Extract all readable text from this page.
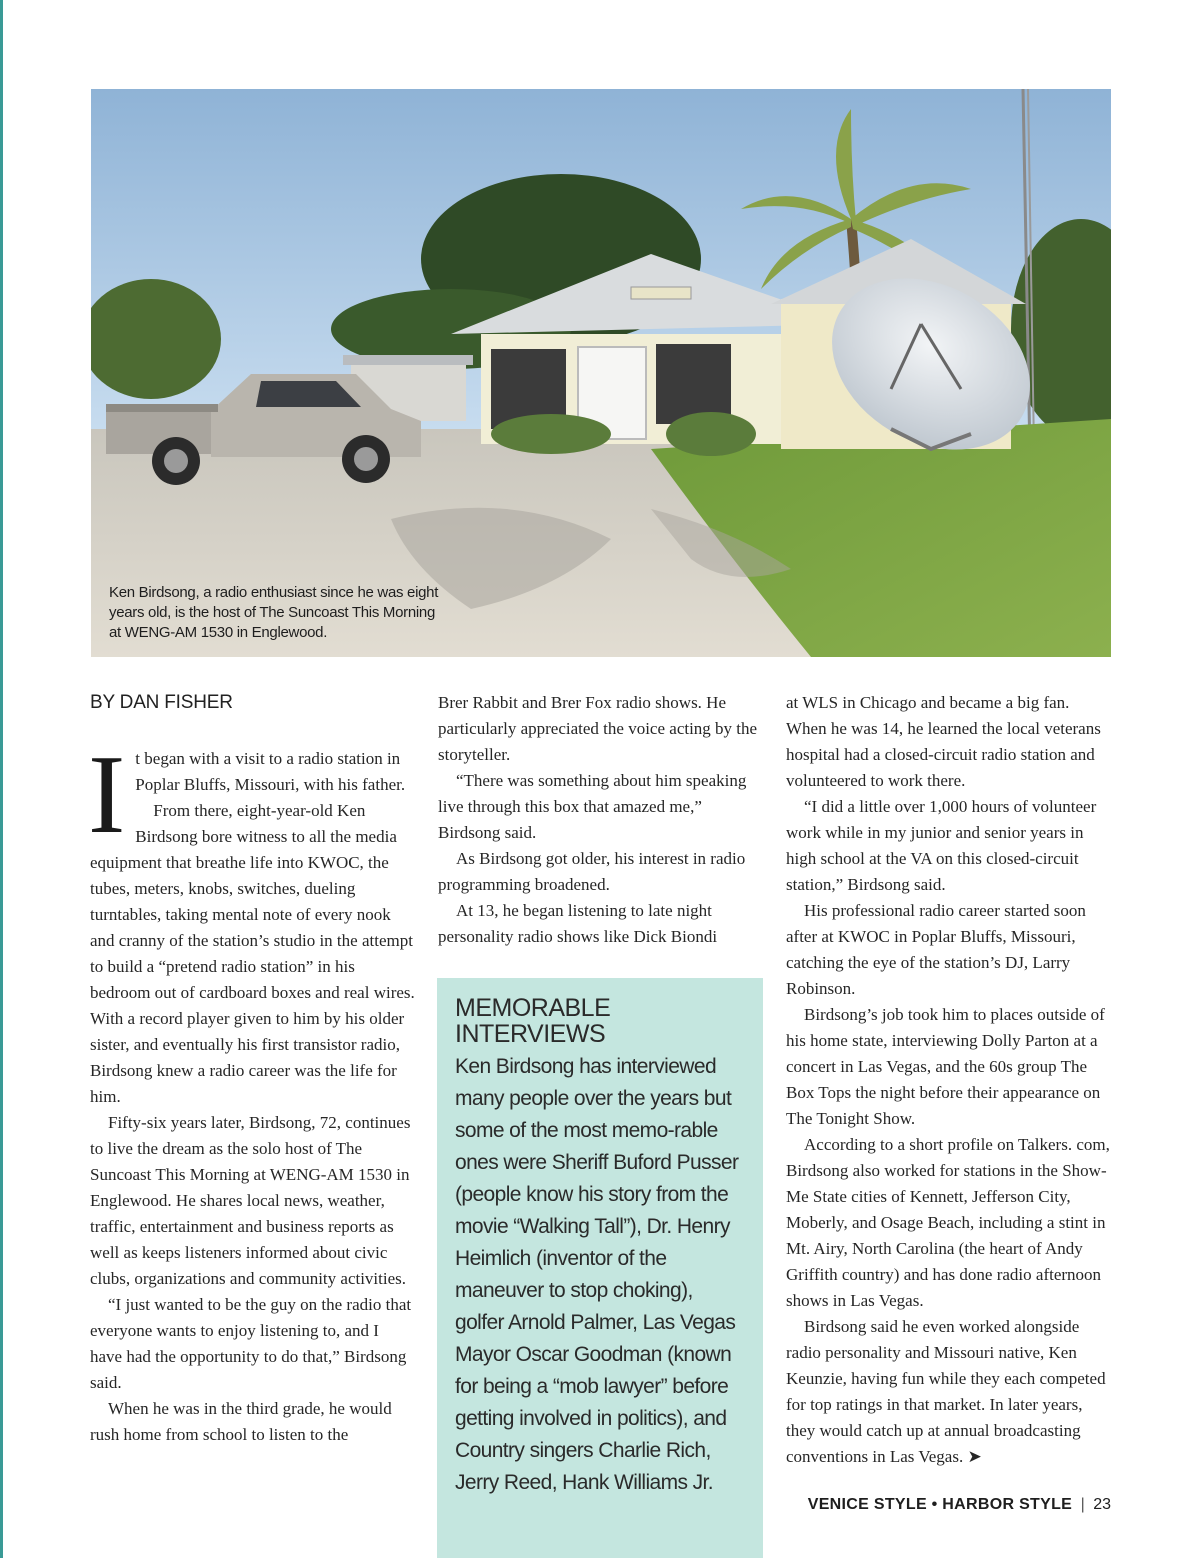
Ken Birdsong, a radio enthusiast since he was eight years old, is the host of The Suncoast This Morning at WENG-AM 1530 in Englewood.
BY DAN FISHER
I t began with a visit to a radio station in Poplar Bluffs, Missouri, with his father.

From there, eight-year-old Ken Birdsong bore witness to all the media equipment that breathe life into KWOC, the tubes, meters, knobs, switches, dueling turntables, taking mental note of every nook and cranny of the station’s studio in the attempt to build a “pretend radio station” in his bedroom out of cardboard boxes and real wires. With a record player given to him by his older sister, and eventually his first transistor radio, Birdsong knew a radio career was the life for him.

Fifty-six years later, Birdsong, 72, continues to live the dream as the solo host of The Suncoast This Morning at WENG-AM 1530 in Englewood. He shares local news, weather, traffic, entertainment and business reports as well as keeps listeners informed about civic clubs, organizations and community activities.

“I just wanted to be the guy on the radio that everyone wants to enjoy listening to, and I have had the opportunity to do that,” Birdsong said.

When he was in the third grade, he would rush home from school to listen to the

Brer Rabbit and Brer Fox radio shows. He particularly appreciated the voice acting by the storyteller.

“There was something about him speaking live through this box that amazed me,” Birdsong said.

As Birdsong got older, his interest in radio programming broadened.

At 13, he began listening to late night personality radio shows like Dick Biondi

MEMORABLE INTERVIEWS
Ken Birdsong has interviewed many people over the years but some of the most memo-rable ones were Sheriff Buford Pusser (people know his story from the movie “Walking Tall”), Dr. Henry Heimlich (inventor of the maneuver to stop choking), golfer Arnold Palmer, Las Vegas Mayor Oscar Goodman (known for being a “mob lawyer” before getting involved in politics), and Country singers Charlie Rich, Jerry Reed, Hank Williams Jr.

at WLS in Chicago and became a big fan. When he was 14, he learned the local veterans hospital had a closed-circuit radio station and volunteered to work there.

“I did a little over 1,000 hours of volunteer work while in my junior and senior years in high school at the VA on this closed-circuit station,” Birdsong said.

His professional radio career started soon after at KWOC in Poplar Bluffs, Missouri, catching the eye of the station’s DJ, Larry Robinson.

Birdsong’s job took him to places outside of his home state, interviewing Dolly Parton at a concert in Las Vegas, and the 60s group The Box Tops the night before their appearance on The Tonight Show.

According to a short profile on Talkers. com, Birdsong also worked for stations in the Show-Me State cities of Kennett, Jefferson City, Moberly, and Osage Beach, including a stint in Mt. Airy, North Carolina (the heart of Andy Griffith country) and has done radio afternoon shows in Las Vegas.

Birdsong said he even worked alongside radio personality and Missouri native, Ken Keunzie, having fun while they each competed for top ratings in that market. In later years, they would catch up at annual broadcasting conventions in Las Vegas. ➤

VENICE STYLE • HARBOR STYLE | 23
